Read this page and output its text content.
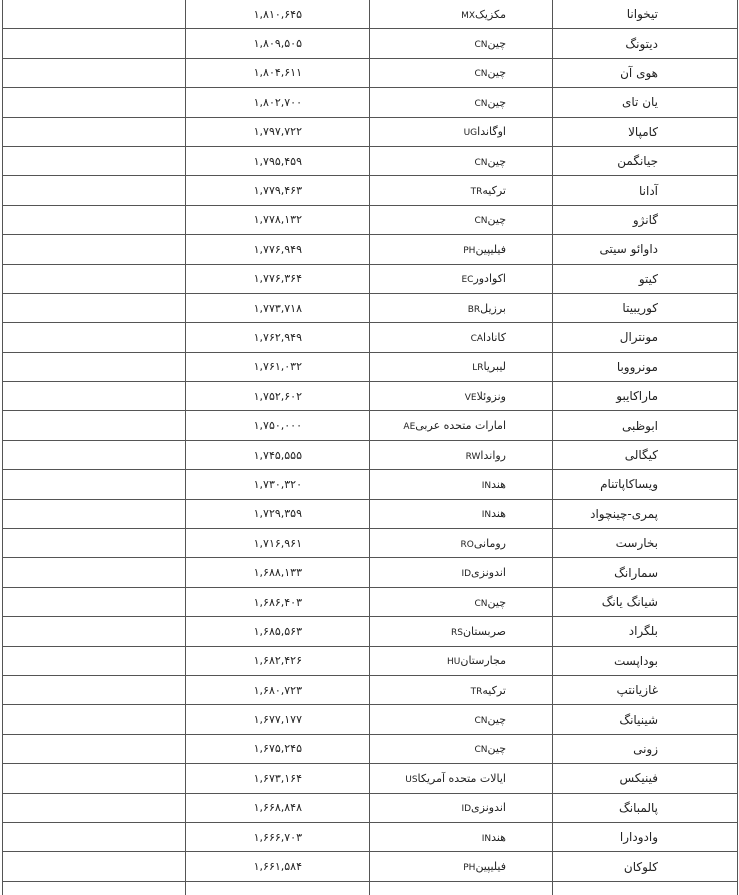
	۱,۸۱۰,۶۴۵	مکزیکMX	تیخوانا
	۱,۸۰۹,۵۰۵	چینCN	دیتونگ
	۱,۸۰۴,۶۱۱	چینCN	هوی آن
	۱,۸۰۲,۷۰۰	چینCN	یان تای
	۱,۷۹۷,۷۲۲	اوگانداUG	کامپالا
	۱,۷۹۵,۴۵۹	چینCN	جیانگمن
	۱,۷۷۹,۴۶۳	ترکیهTR	آدانا
	۱,۷۷۸,۱۳۲	چینCN	گانژو
	۱,۷۷۶,۹۴۹	فیلیپینPH	داوائو سیتی
	۱,۷۷۶,۳۶۴	اکوادورEC	کیتو
	۱,۷۷۳,۷۱۸	برزیلBR	کوریبیتا
	۱,۷۶۲,۹۴۹	کاناداCA	مونترال
	۱,۷۶۱,۰۳۲	لیبریاLR	مونرووبا
	۱,۷۵۲,۶۰۲	ونزوئلاVE	ماراکایبو
	۱,۷۵۰,۰۰۰	امارات متحده عربیAE	ابوظبی
	۱,۷۴۵,۵۵۵	روانداRW	کیگالی
	۱,۷۳۰,۳۲۰	هندIN	ویساکاپاتنام
	۱,۷۲۹,۳۵۹	هندIN	پمری-چینچواد
	۱,۷۱۶,۹۶۱	رومانیRO	بخارست
	۱,۶۸۸,۱۳۳	اندونزیID	سمارانگ
	۱,۶۸۶,۴۰۳	چینCN	شیانگ یانگ
	۱,۶۸۵,۵۶۳	صربستانRS	بلگراد
	۱,۶۸۲,۴۲۶	مجارستانHU	بوداپست
	۱,۶۸۰,۷۲۳	ترکیهTR	غازیانتپ
	۱,۶۷۷,۱۷۷	چینCN	شینیانگ
	۱,۶۷۵,۲۴۵	چینCN	زونی
	۱,۶۷۳,۱۶۴	ایالات متحده آمریکاUS	فینیکس
	۱,۶۶۸,۸۴۸	اندونزیID	پالمبانگ
	۱,۶۶۶,۷۰۳	هندIN	وادودارا
	۱,۶۶۱,۵۸۴	فیلیپینPH	کلوکان
